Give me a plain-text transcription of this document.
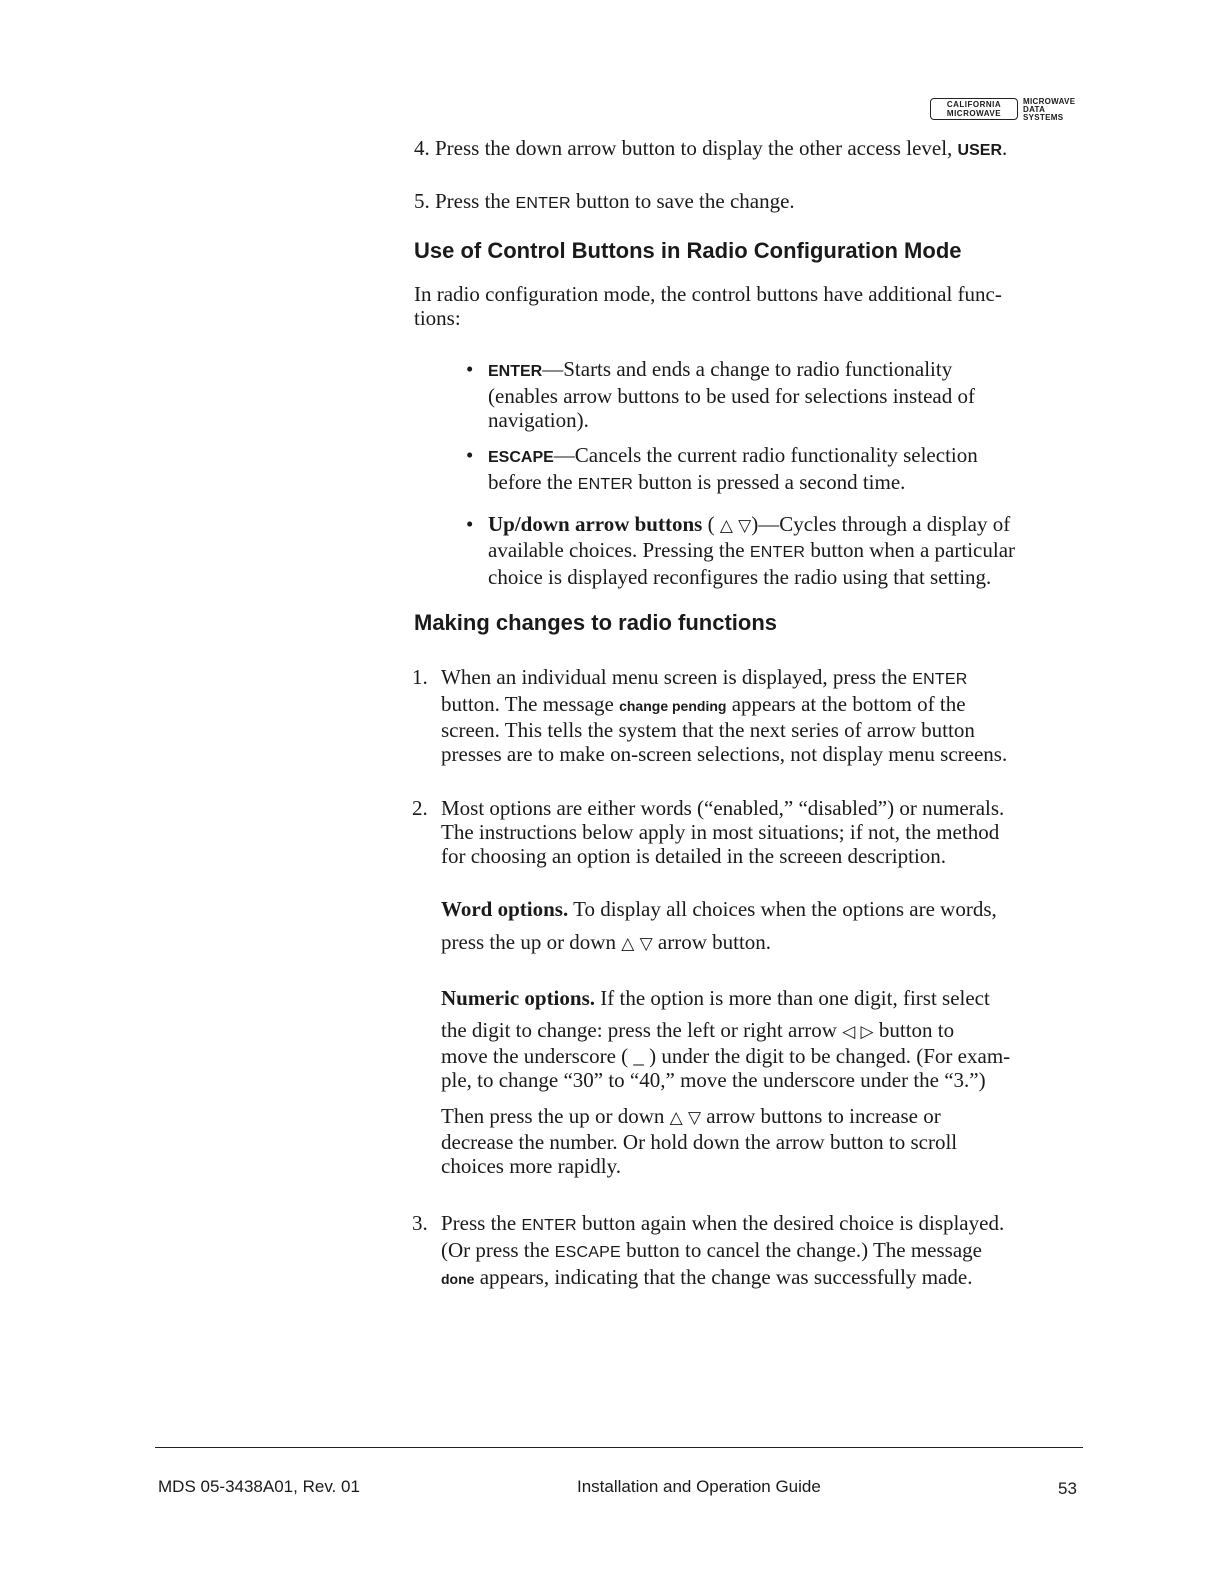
CALIFORNIA
MICROWAVE
MICROWAVE
DATA
SYSTEMS
4. Press the down arrow button to display the other access level, USER.
5. Press the ENTER button to save the change.
Use of Control Buttons in Radio Configuration Mode
In radio configuration mode, the control buttons have additional func-
tions:
• ENTER—Starts and ends a change to radio functionality
(enables arrow buttons to be used for selections instead of
navigation).
• ESCAPE—Cancels the current radio functionality selection
before the ENTER button is pressed a second time.
• Up/down arrow buttons ( △ ▽)—Cycles through a display of
available choices. Pressing the ENTER button when a particular
choice is displayed reconfigures the radio using that setting.
Making changes to radio functions
1. When an individual menu screen is displayed, press the ENTER
button. The message change pending appears at the bottom of the
screen. This tells the system that the next series of arrow button
presses are to make on-screen selections, not display menu screens.
2. Most options are either words (“enabled,” “disabled”) or numerals.
The instructions below apply in most situations; if not, the method
for choosing an option is detailed in the screeen description.
Word options. To display all choices when the options are words,
press the up or down △ ▽ arrow button.
Numeric options. If the option is more than one digit, first select
the digit to change: press the left or right arrow ◁ ▷ button to
move the underscore ( _ ) under the digit to be changed. (For exam-
ple, to change “30” to “40,” move the underscore under the “3.”)
Then press the up or down △ ▽ arrow buttons to increase or
decrease the number. Or hold down the arrow button to scroll
choices more rapidly.
3. Press the ENTER button again when the desired choice is displayed.
(Or press the ESCAPE button to cancel the change.) The message
done appears, indicating that the change was successfully made.
MDS 05-3438A01, Rev. 01	Installation and Operation Guide	53
